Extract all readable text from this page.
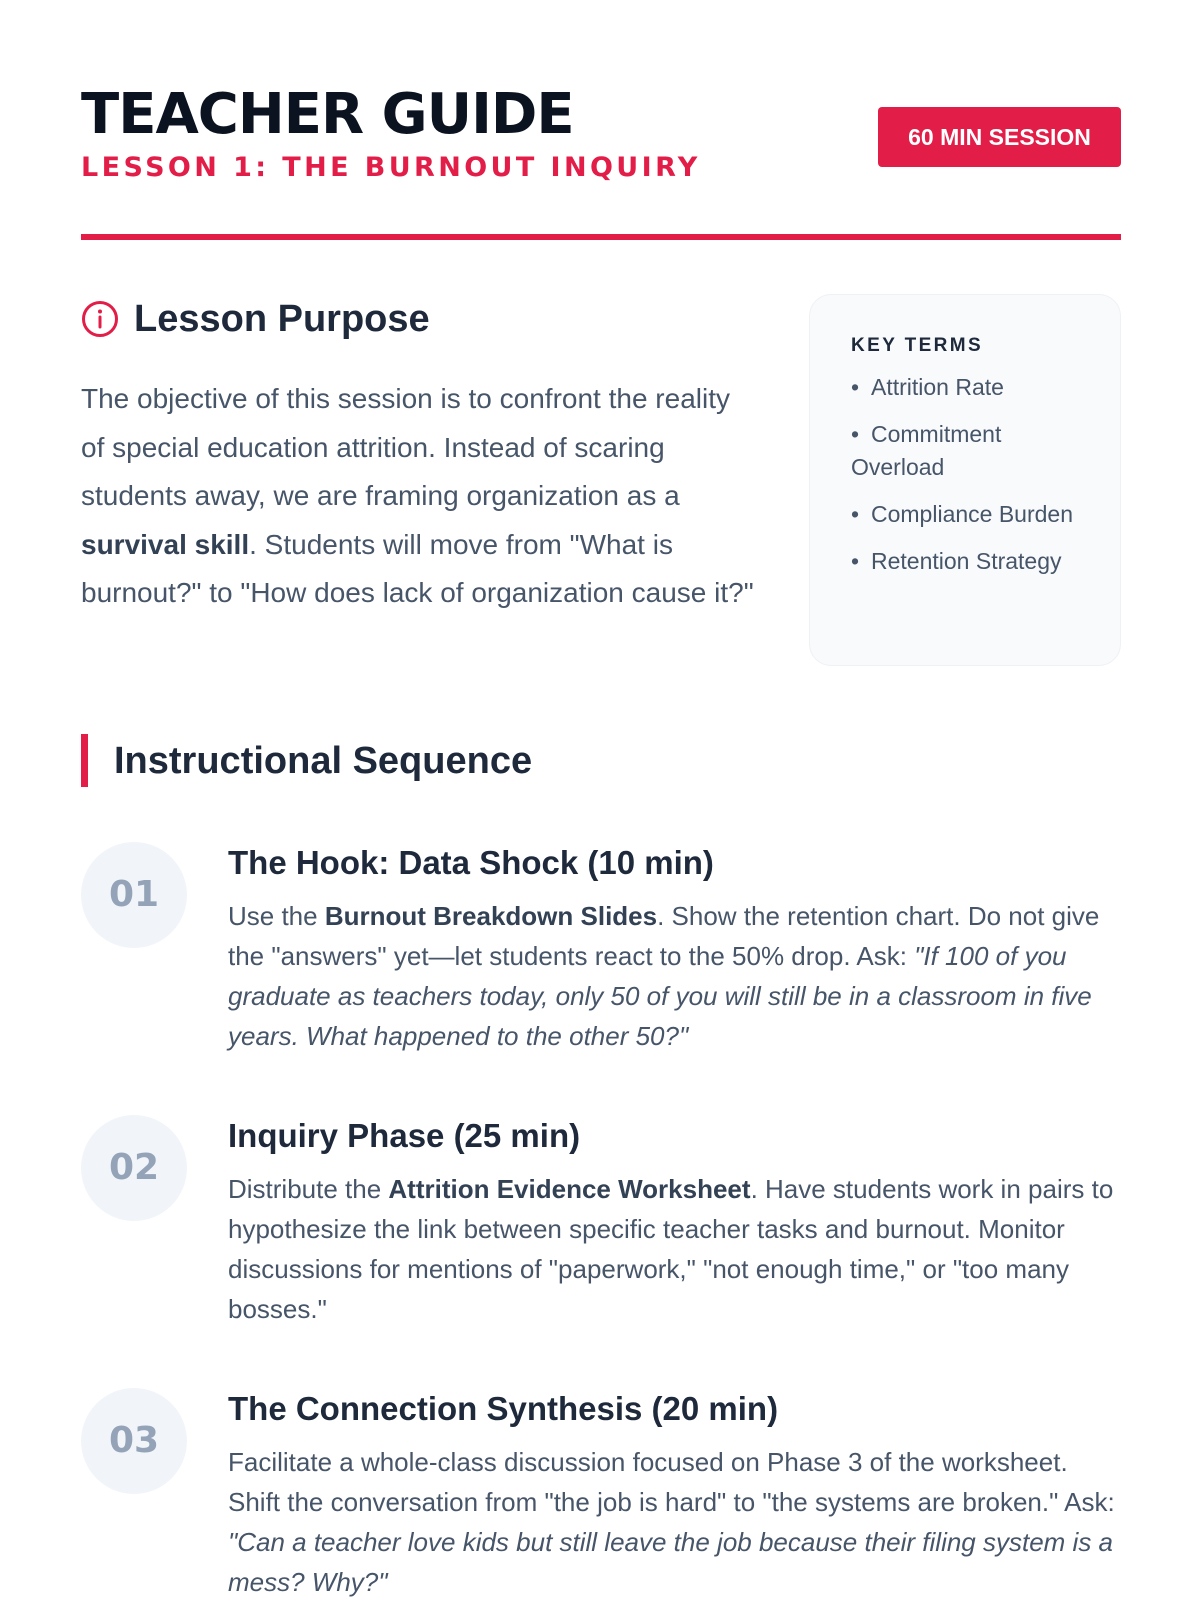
TEACHER GUIDE
LESSON 1: THE BURNOUT INQUIRY
60 MIN SESSION
Lesson Purpose

The objective of this session is to confront the reality of special education attrition. Instead of scaring students away, we are framing organization as a survival skill. Students will move from "What is burnout?" to "How does lack of organization cause it?"

KEY TERMS
• Attrition Rate
• Commitment Overload
• Compliance Burden
• Retention Strategy
Instructional Sequence
01
The Hook: Data Shock (10 min)

Use the Burnout Breakdown Slides. Show the retention chart. Do not give the "answers" yet—let students react to the 50% drop. Ask: "If 100 of you graduate as teachers today, only 50 of you will still be in a classroom in five years. What happened to the other 50?"

02
Inquiry Phase (25 min)

Distribute the Attrition Evidence Worksheet. Have students work in pairs to hypothesize the link between specific teacher tasks and burnout. Monitor discussions for mentions of "paperwork," "not enough time," or "too many bosses."

03
The Connection Synthesis (20 min)

Facilitate a whole-class discussion focused on Phase 3 of the worksheet. Shift the conversation from "the job is hard" to "the systems are broken." Ask: "Can a teacher love kids but still leave the job because their filing system is a mess? Why?"
